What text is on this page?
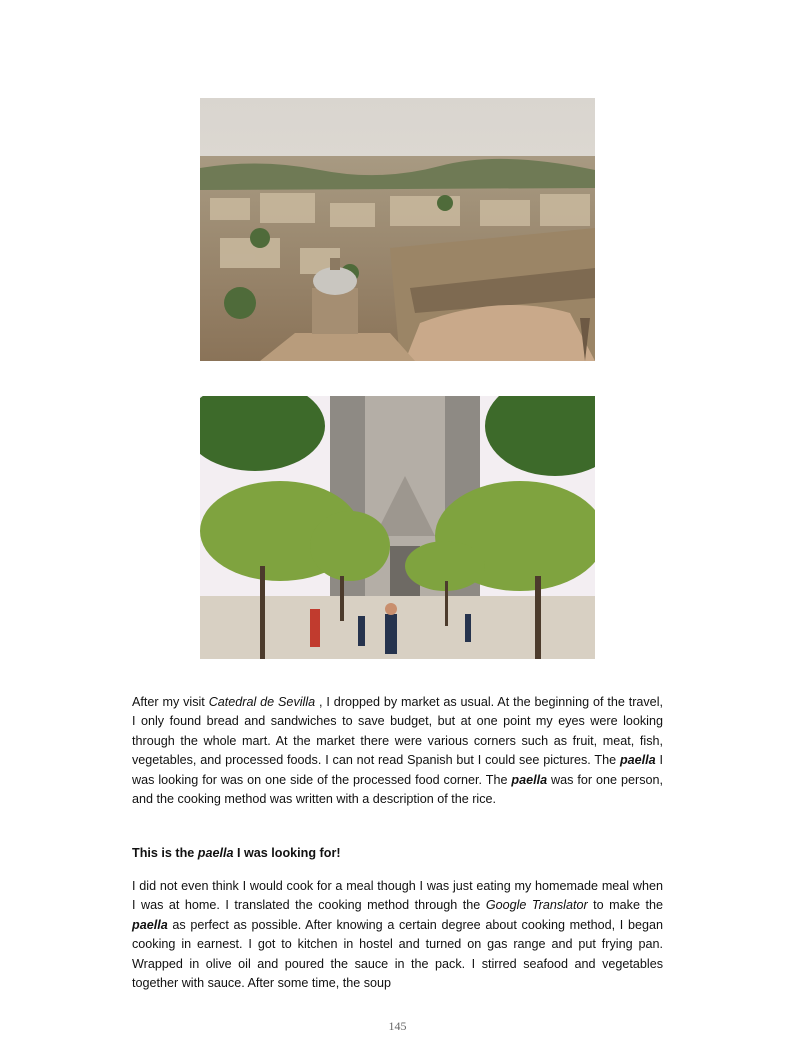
After my visit Catedral de Sevilla , I dropped by market as usual. At the beginning of the travel, I only found bread and sandwiches to save budget, but at one point my eyes were looking through the whole mart. At the market there were various corners such as fruit, meat, fish, vegetables, and processed foods. I can not read Spanish but I could see pictures. The paella I was looking for was on one side of the processed food corner. The paella was for one person, and the cooking method was written with a description of the rice.
This is the paella I was looking for!
I did not even think I would cook for a meal though I was just eating my homemade meal when I was at home. I translated the cooking method through the Google Translator to make the paella as perfect as possible. After knowing a certain degree about cooking method, I began cooking in earnest. I got to kitchen in hostel and turned on gas range and put frying pan. Wrapped in olive oil and poured the sauce in the pack. I stirred seafood and vegetables together with sauce. After some time, the soup
145
